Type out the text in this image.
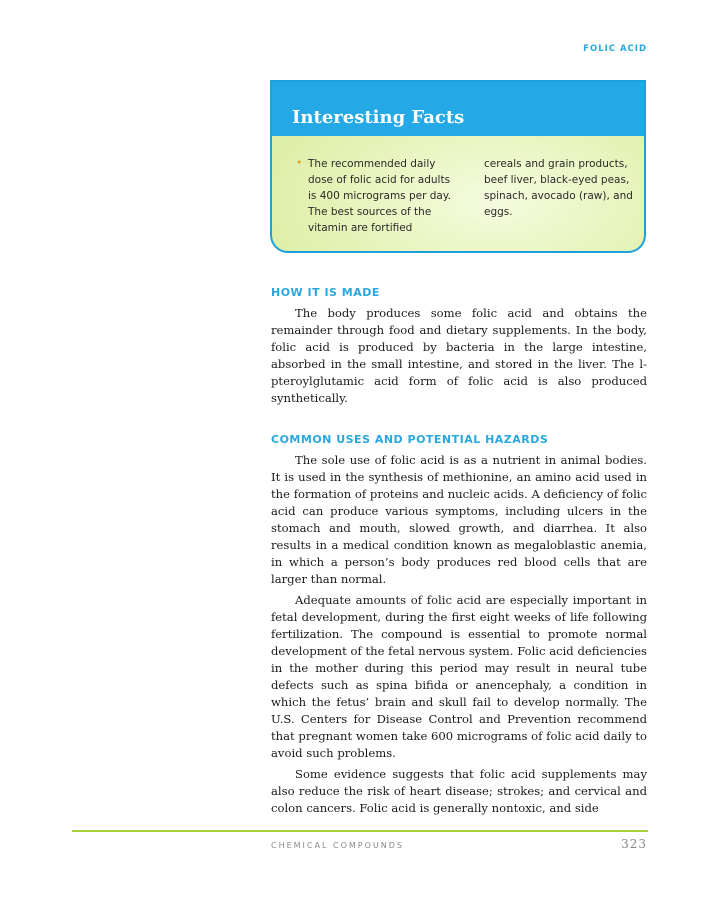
FOLIC ACID
Interesting Facts
• The recommended daily dose of folic acid for adults is 400 micrograms per day. The best sources of the vitamin are fortified
cereals and grain products, beef liver, black-eyed peas, spinach, avocado (raw), and eggs.
HOW IT IS MADE

The body produces some folic acid and obtains the remainder through food and dietary supplements. In the body, folic acid is produced by bacteria in the large intestine, absorbed in the small intestine, and stored in the liver. The l-pteroylglutamic acid form of folic acid is also produced synthetically.

COMMON USES AND POTENTIAL HAZARDS

The sole use of folic acid is as a nutrient in animal bodies. It is used in the synthesis of methionine, an amino acid used in the formation of proteins and nucleic acids. A deficiency of folic acid can produce various symptoms, including ulcers in the stomach and mouth, slowed growth, and diarrhea. It also results in a medical condition known as megaloblastic anemia, in which a person’s body produces red blood cells that are larger than normal.

Adequate amounts of folic acid are especially important in fetal development, during the first eight weeks of life following fertilization. The compound is essential to promote normal development of the fetal nervous system. Folic acid deficiencies in the mother during this period may result in neural tube defects such as spina bifida or anencephaly, a condition in which the fetus’ brain and skull fail to develop normally. The U.S. Centers for Disease Control and Prevention recommend that pregnant women take 600 micrograms of folic acid daily to avoid such problems.

Some evidence suggests that folic acid supplements may also reduce the risk of heart disease; strokes; and cervical and colon cancers. Folic acid is generally nontoxic, and side

CHEMICAL COMPOUNDS	323
